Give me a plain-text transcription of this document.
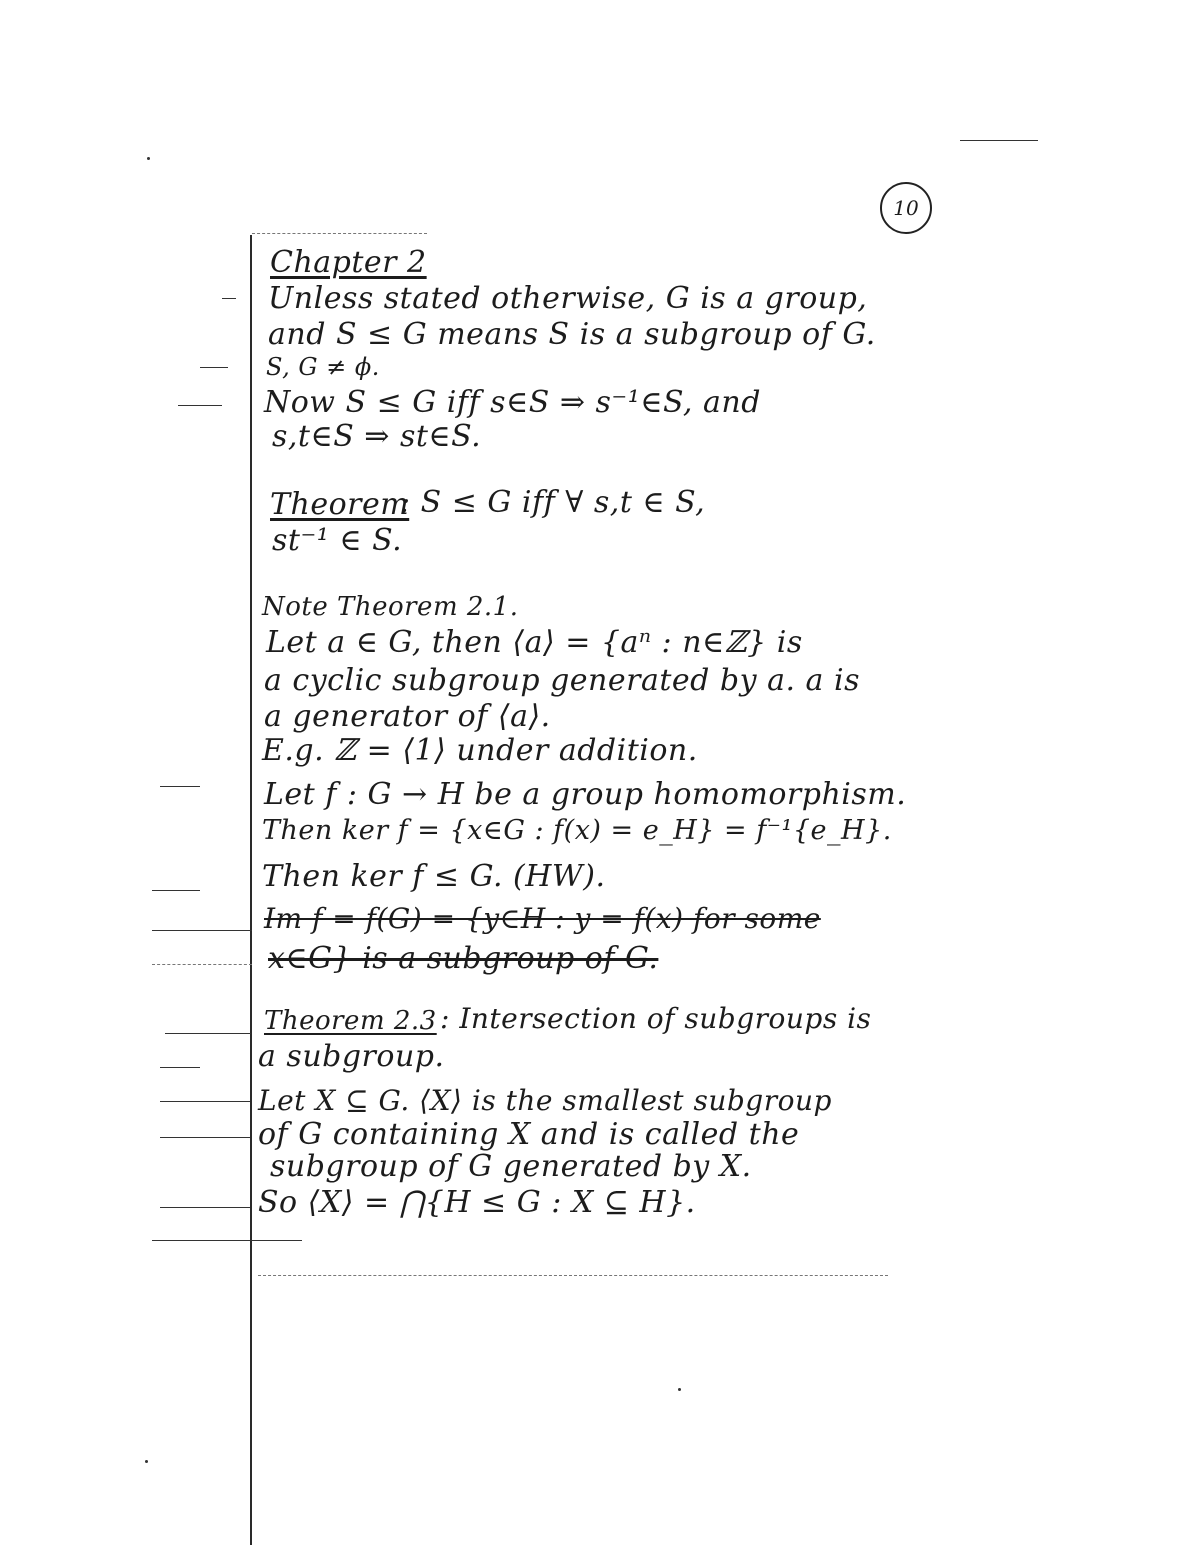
10
Chapter 2
Unless stated otherwise, G is a group,
and S ≤ G means S is a subgroup of G.
S, G ≠ ϕ.
Now S ≤ G iff s∈S ⇒ s⁻¹∈S, and
s,t∈S ⇒ st∈S.
Theorem
: S ≤ G iff ∀ s,t ∈ S,
st⁻¹ ∈ S.
Note Theorem 2.1.
Let a ∈ G, then ⟨a⟩ = {aⁿ : n∈ℤ} is
a cyclic subgroup generated by a. a is
a generator of ⟨a⟩.
E.g. ℤ = ⟨1⟩ under addition.
Let f : G → H be a group homomorphism.
Then ker f = {x∈G : f(x) = e_H} = f⁻¹{e_H}.
Then ker f ≤ G. (HW).
Im f = f(G) = {y∈H : y = f(x) for some
x∈G} is a subgroup of G.
Theorem 2.3 : Intersection of subgroups is
a subgroup.
Let X ⊆ G. ⟨X⟩ is the smallest subgroup
of G containing X and is called the
subgroup of G generated by X.
So ⟨X⟩ = ⋂{H ≤ G : X ⊆ H}.
